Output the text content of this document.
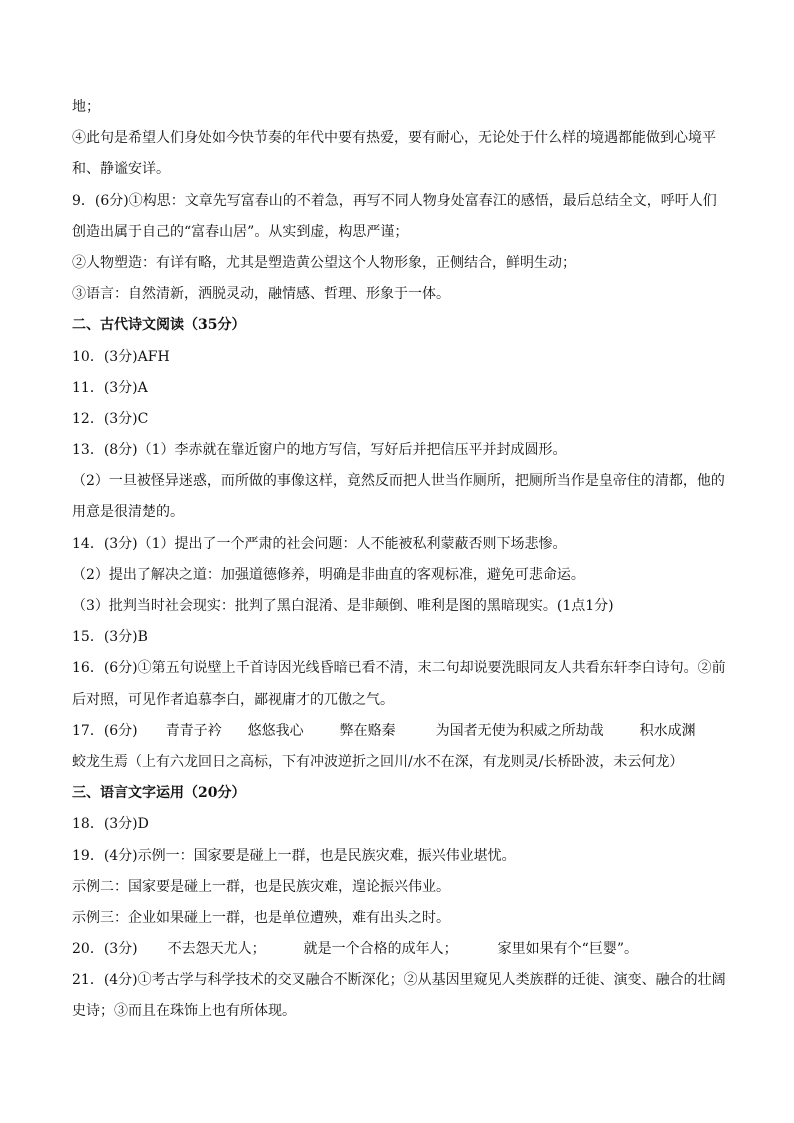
地；
④此句是希望人们身处如今快节奏的年代中要有热爱，要有耐心，无论处于什么样的境遇都能做到心境平
和、静谧安详。
9．(6分)①构思：文章先写富春山的不着急，再写不同人物身处富春江的感悟，最后总结全文，呼吁人们
创造出属于自己的“富春山居”。从实到虚，构思严谨；
②人物塑造：有详有略，尤其是塑造黄公望这个人物形象，正侧结合，鲜明生动；
③语言：自然清新，洒脱灵动，融情感、哲理、形象于一体。
二、古代诗文阅读（35分）
10．(3分)AFH
11．(3分)A
12．(3分)C
13．(8分)（1）李赤就在靠近窗户的地方写信，写好后并把信压平并封成圆形。
（2）一旦被怪异迷惑，而所做的事像这样，竟然反而把人世当作厕所，把厕所当作是皇帝住的清都，他的
用意是很清楚的。
14．(3分)（1）提出了一个严肃的社会问题：人不能被私利蒙蔽否则下场悲惨。
（2）提出了解决之道：加强道德修养，明确是非曲直的客观标准，避免可悲命运。
（3）批判当时社会现实：批判了黑白混淆、是非颠倒、唯利是图的黑暗现实。(1点1分)
15．(3分)B
16．(6分)①第五句说壁上千首诗因光线昏暗已看不清，末二句却说要洗眼同友人共看东轩李白诗句。②前
后对照，可见作者追慕李白，鄙视庸才的兀傲之气。
17．(6分) 青青子衿 悠悠我心	弊在赂秦	为国者无使为积威之所劫哉	积水成渊
蛟龙生焉（上有六龙回日之高标，下有冲波逆折之回川/水不在深，有龙则灵/长桥卧波，未云何龙）
三、语言文字运用（20分）
18．(3分)D
19．(4分)示例一：国家要是碰上一群，也是民族灾难，振兴伟业堪忧。
示例二：国家要是碰上一群，也是民族灾难，遑论振兴伟业。
示例三：企业如果碰上一群，也是单位遭殃，难有出头之时。
20．(3分) 不去怨天尤人；	就是一个合格的成年人；	家里如果有个“巨婴”。
21．(4分)①考古学与科学技术的交叉融合不断深化；②从基因里窥见人类族群的迁徙、演变、融合的壮阔
史诗；③而且在珠饰上也有所体现。
